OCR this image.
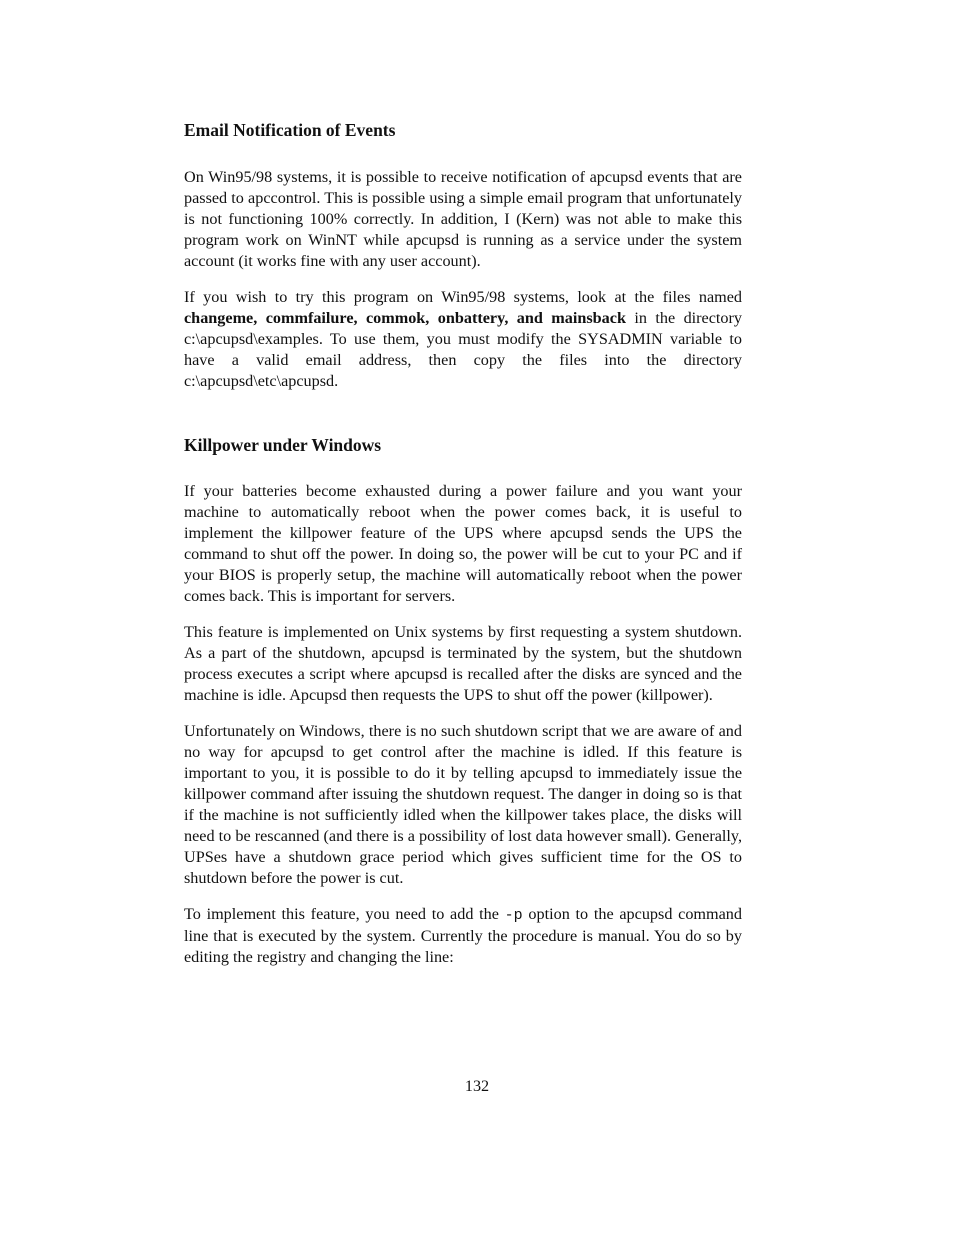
Email Notification of Events

On Win95/98 systems, it is possible to receive notification of apcupsd events that are passed to apccontrol. This is possible using a simple email program that unfortunately is not functioning 100% correctly. In addition, I (Kern) was not able to make this program work on WinNT while apcupsd is running as a service under the system account (it works fine with any user account).

If you wish to try this program on Win95/98 systems, look at the files named changeme, commfailure, commok, onbattery, and mainsback in the directory c:\apcupsd\examples. To use them, you must modify the SYSADMIN variable to have a valid email address, then copy the files into the directory c:\apcupsd\etc\apcupsd.

Killpower under Windows

If your batteries become exhausted during a power failure and you want your machine to automatically reboot when the power comes back, it is useful to implement the killpower feature of the UPS where apcupsd sends the UPS the command to shut off the power. In doing so, the power will be cut to your PC and if your BIOS is properly setup, the machine will automatically reboot when the power comes back. This is important for servers.

This feature is implemented on Unix systems by first requesting a system shutdown. As a part of the shutdown, apcupsd is terminated by the system, but the shutdown process executes a script where apcupsd is recalled after the disks are synced and the machine is idle. Apcupsd then requests the UPS to shut off the power (killpower).

Unfortunately on Windows, there is no such shutdown script that we are aware of and no way for apcupsd to get control after the machine is idled. If this feature is important to you, it is possible to do it by telling apcupsd to immediately issue the killpower command after issuing the shutdown request. The danger in doing so is that if the machine is not sufficiently idled when the killpower takes place, the disks will need to be rescanned (and there is a possibility of lost data however small). Generally, UPSes have a shutdown grace period which gives sufficient time for the OS to shutdown before the power is cut.

To implement this feature, you need to add the -p option to the apcupsd command line that is executed by the system. Currently the procedure is manual. You do so by editing the registry and changing the line:

132
